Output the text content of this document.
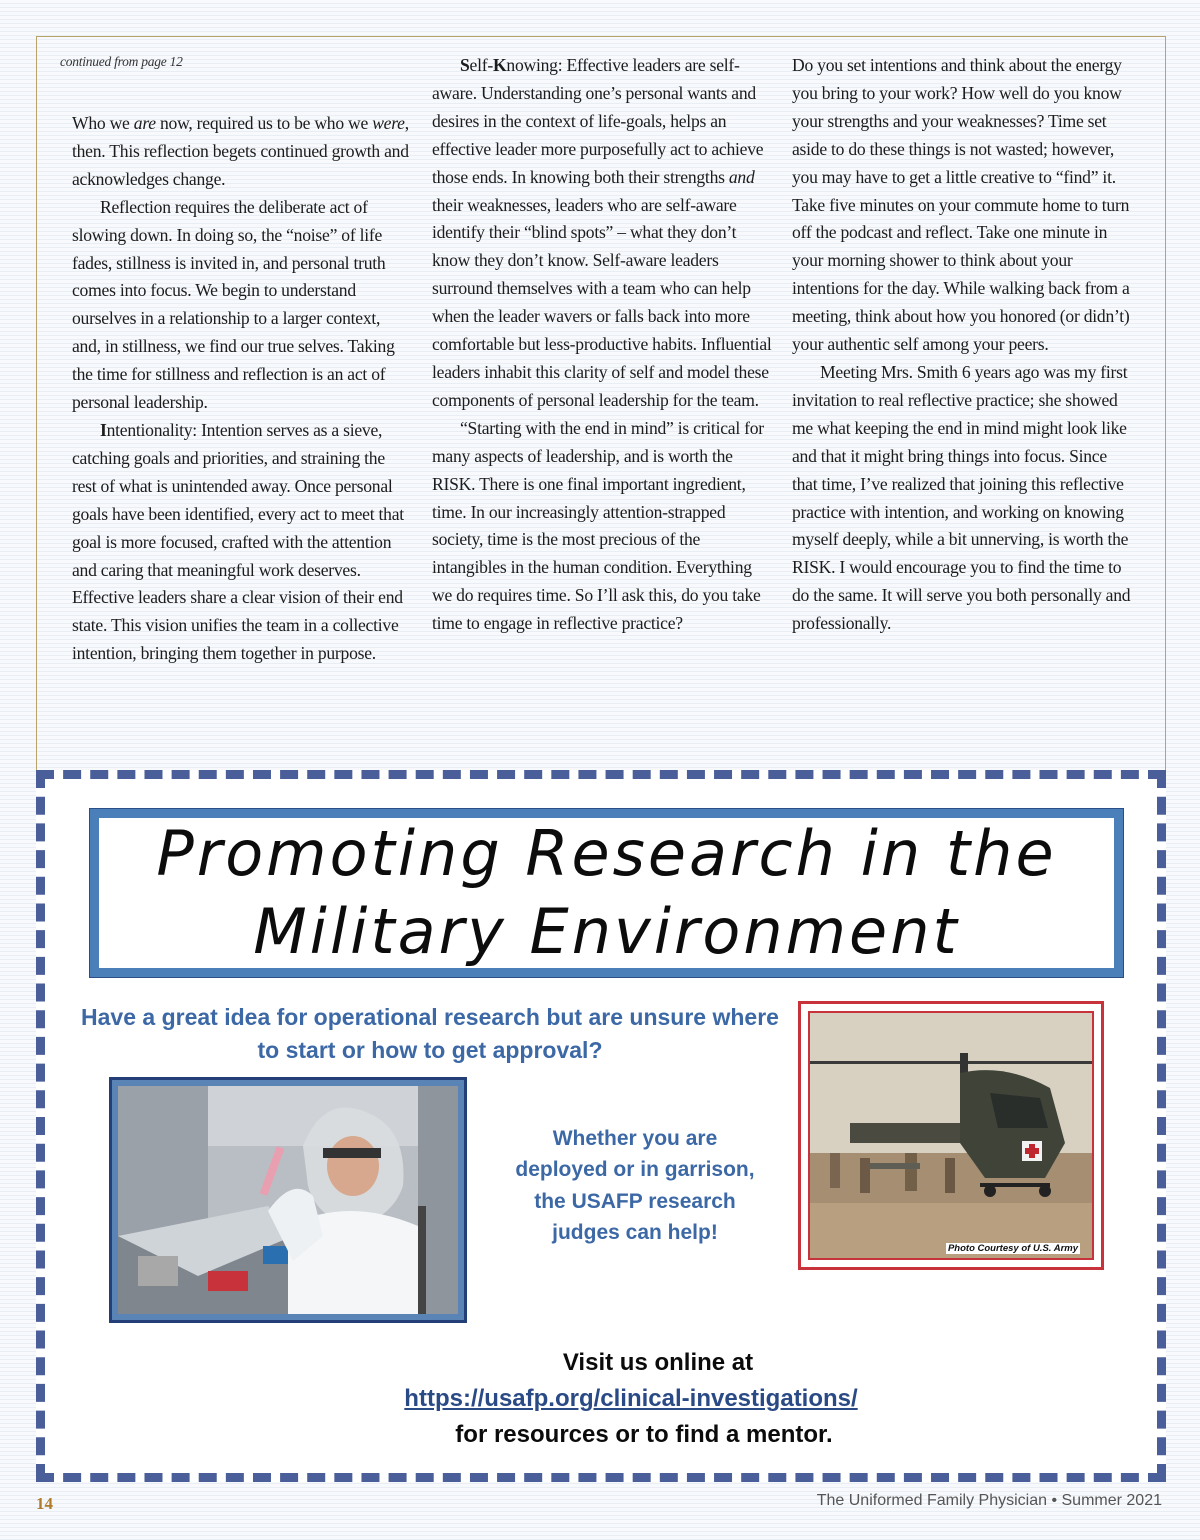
continued from page 12

Who we are now, required us to be who we were, then. This reflection begets continued growth and acknowledges change.

Reflection requires the deliberate act of slowing down. In doing so, the “noise” of life fades, stillness is invited in, and personal truth comes into focus. We begin to understand ourselves in a relationship to a larger context, and, in stillness, we find our true selves. Taking the time for stillness and reflection is an act of personal leadership.

Intentionality: Intention serves as a sieve, catching goals and priorities, and straining the rest of what is unintended away. Once personal goals have been identified, every act to meet that goal is more focused, crafted with the attention and caring that meaningful work deserves. Effective leaders share a clear vision of their end state. This vision unifies the team in a collective intention, bringing them together in purpose.

Self-Knowing: Effective leaders are self-aware. Understanding one’s personal wants and desires in the context of life-goals, helps an effective leader more purposefully act to achieve those ends. In knowing both their strengths and their weaknesses, leaders who are self-aware identify their “blind spots” – what they don’t know they don’t know. Self-aware leaders surround themselves with a team who can help when the leader wavers or falls back into more comfortable but less-productive habits. Influential leaders inhabit this clarity of self and model these components of personal leadership for the team.

“Starting with the end in mind” is critical for many aspects of leadership, and is worth the RISK. There is one final important ingredient, time. In our increasingly attention-strapped society, time is the most precious of the intangibles in the human condition. Everything we do requires time. So I’ll ask this, do you take time to engage in reflective practice?

Do you set intentions and think about the energy you bring to your work? How well do you know your strengths and your weaknesses? Time set aside to do these things is not wasted; however, you may have to get a little creative to “find” it. Take five minutes on your commute home to turn off the podcast and reflect. Take one minute in your morning shower to think about your intentions for the day. While walking back from a meeting, think about how you honored (or didn’t) your authentic self among your peers.

Meeting Mrs. Smith 6 years ago was my first invitation to real reflective practice; she showed me what keeping the end in mind might look like and that it might bring things into focus. Since that time, I’ve realized that joining this reflective practice with intention, and working on knowing myself deeply, while a bit unnerving, is worth the RISK. I would encourage you to find the time to do the same. It will serve you both personally and professionally.

Promoting Research in the
Military Environment
Have a great idea for operational research but are unsure where to start or how to get approval?
Photo Courtesy of U.S. Army
Whether you are deployed or in garrison, the USAFP research judges can help!
Visit us online at
https://usafp.org/clinical-investigations/
for resources or to find a mentor.
14	The Uniformed Family Physician • Summer 2021
